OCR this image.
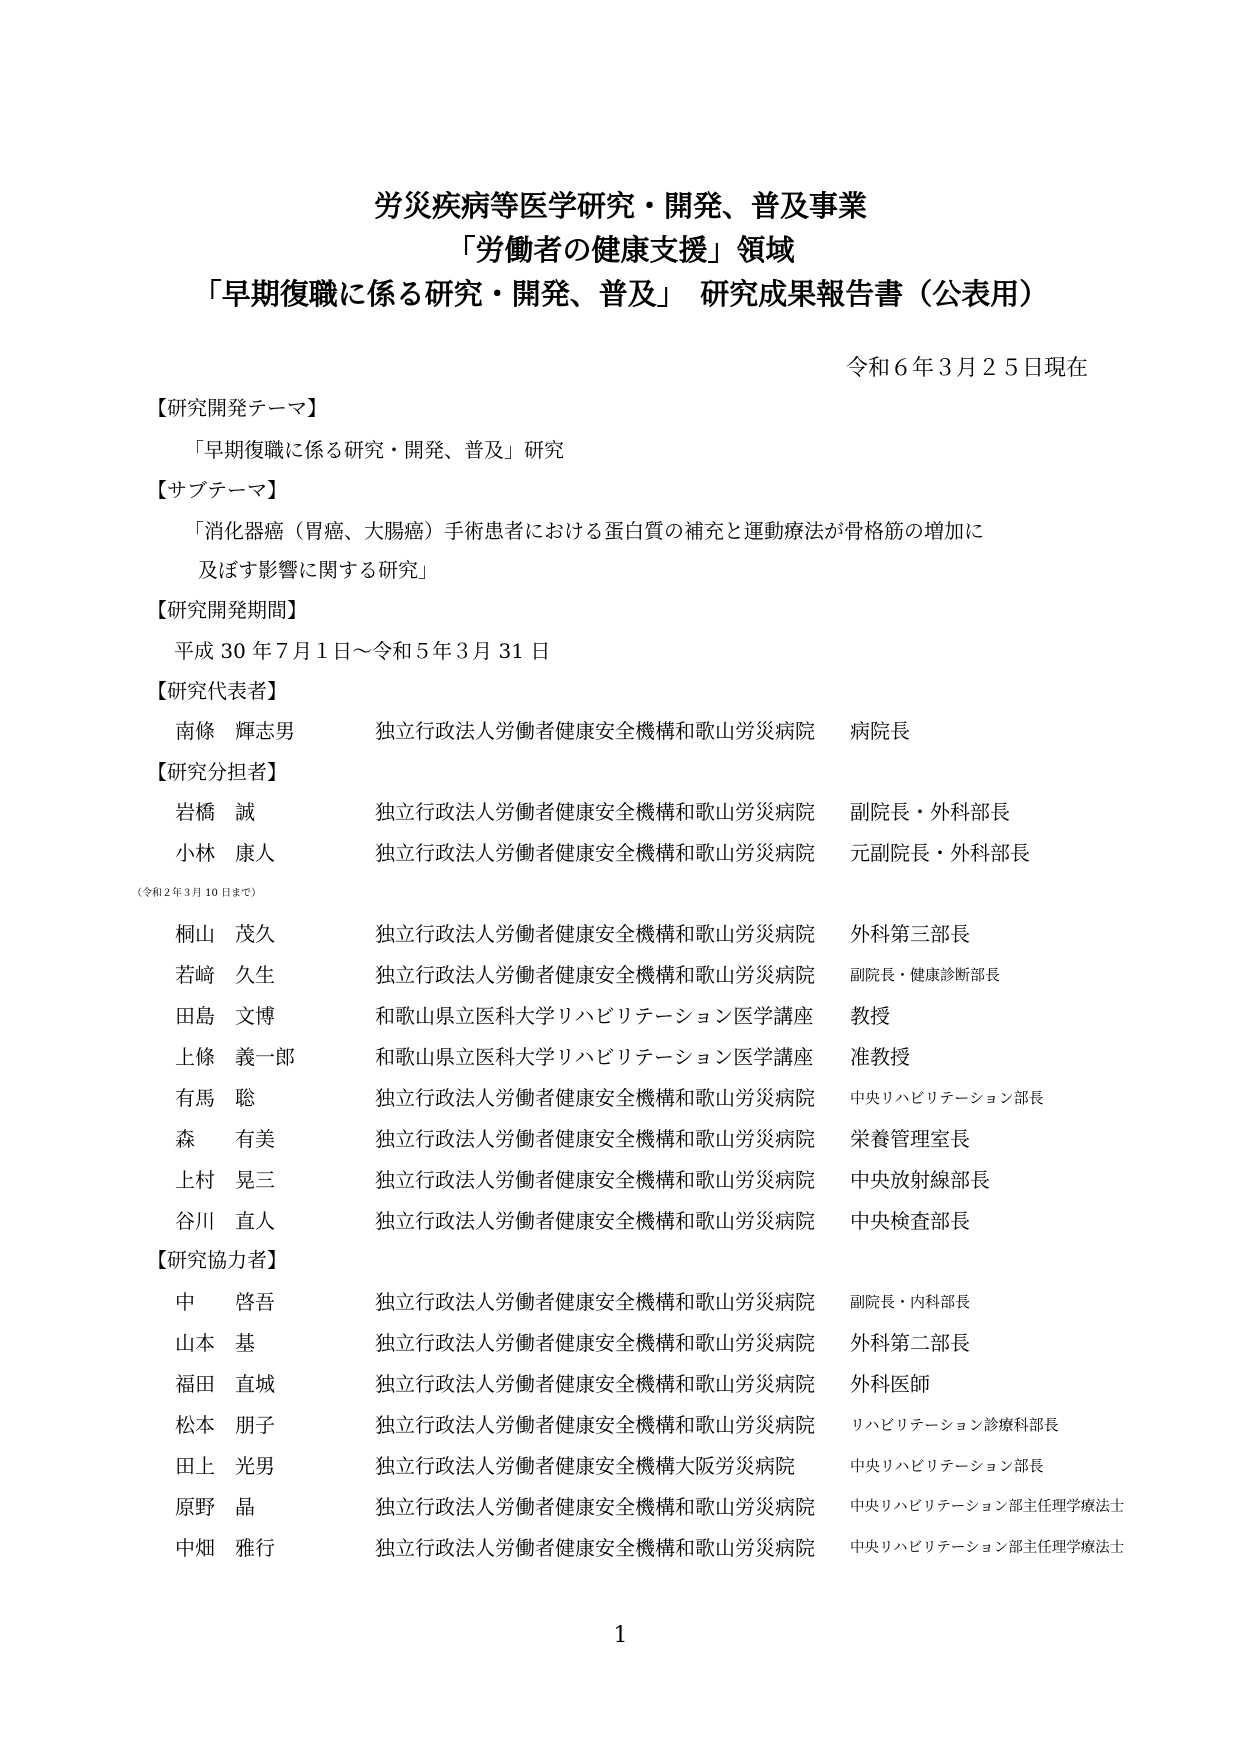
労災疾病等医学研究・開発、普及事業
「労働者の健康支援」領域
「早期復職に係る研究・開発、普及」　研究成果報告書（公表用）
令和６年３月２５日現在
【研究開発テーマ】
「早期復職に係る研究・開発、普及」研究
【サブテーマ】
「消化器癌（胃癌、大腸癌）手術患者における蛋白質の補充と運動療法が骨格筋の増加に
及ぼす影響に関する研究」
【研究開発期間】
平成 30 年７月１日～令和５年３月 31 日
【研究代表者】
南條　輝志男	独立行政法人労働者健康安全機構和歌山労災病院 病院長
【研究分担者】
岩橋　誠	独立行政法人労働者健康安全機構和歌山労災病院 副院長・外科部長
小林　康人	独立行政法人労働者健康安全機構和歌山労災病院 元副院長・外科部長
（令和２年３月 10 日まで）
桐山　茂久	独立行政法人労働者健康安全機構和歌山労災病院 外科第三部長
若﨑　久生	独立行政法人労働者健康安全機構和歌山労災病院 副院長・健康診断部長
田島　文博	和歌山県立医科大学リハビリテーション医学講座 教授
上條　義一郎	和歌山県立医科大学リハビリテーション医学講座 准教授
有馬　聡	独立行政法人労働者健康安全機構和歌山労災病院 中央リハビリテーション部長
森　　有美	独立行政法人労働者健康安全機構和歌山労災病院 栄養管理室長
上村　晃三	独立行政法人労働者健康安全機構和歌山労災病院 中央放射線部長
谷川　直人	独立行政法人労働者健康安全機構和歌山労災病院 中央検査部長
【研究協力者】
中　　啓吾	独立行政法人労働者健康安全機構和歌山労災病院 副院長・内科部長
山本　基	独立行政法人労働者健康安全機構和歌山労災病院 外科第二部長
福田　直城	独立行政法人労働者健康安全機構和歌山労災病院 外科医師
松本　朋子	独立行政法人労働者健康安全機構和歌山労災病院 リハビリテーション診療科部長
田上　光男	独立行政法人労働者健康安全機構大阪労災病院	中央リハビリテーション部長
原野　晶	独立行政法人労働者健康安全機構和歌山労災病院 中央リハビリテーション部主任理学療法士
中畑　雅行	独立行政法人労働者健康安全機構和歌山労災病院 中央リハビリテーション部主任理学療法士
1
